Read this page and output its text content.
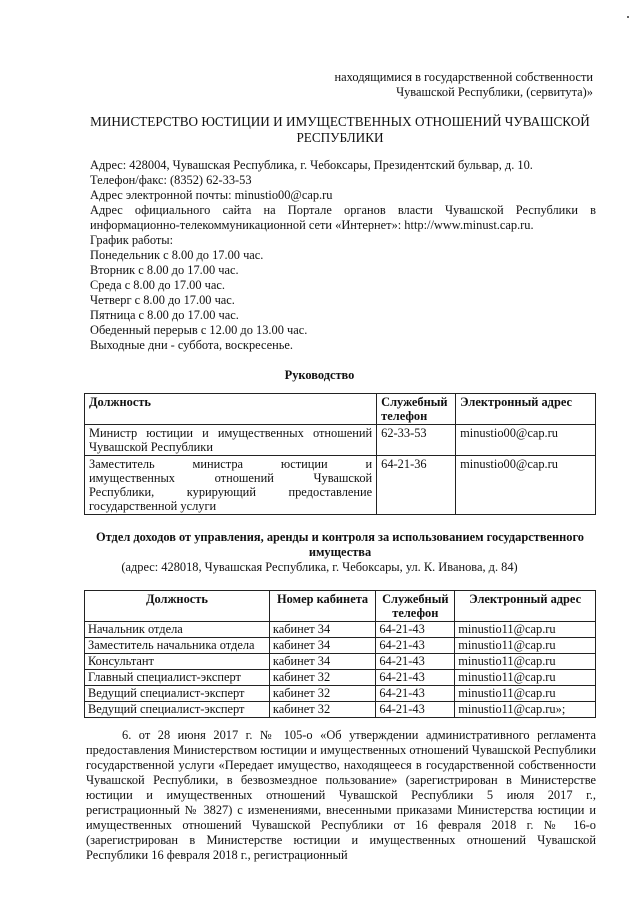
находящимися в государственной собственности
Чувашской Республики, (сервитута)»
МИНИСТЕРСТВО ЮСТИЦИИ И ИМУЩЕСТВЕННЫХ ОТНОШЕНИЙ ЧУВАШСКОЙ РЕСПУБЛИКИ
Адрес: 428004, Чувашская Республика, г. Чебоксары, Президентский бульвар, д. 10.
Телефон/факс: (8352) 62-33-53
Адрес электронной почты: minustio00@cap.ru
Адрес официального сайта на Портале органов власти Чувашской Республики в информационно-телекоммуникационной сети «Интернет»: http://www.minust.cap.ru.
График работы:
Понедельник с 8.00 до 17.00 час.
Вторник с 8.00 до 17.00 час.
Среда с 8.00 до 17.00 час.
Четверг с 8.00 до 17.00 час.
Пятница с 8.00 до 17.00 час.
Обеденный перерыв с 12.00 до 13.00 час.
Выходные дни - суббота, воскресенье.
Руководство
Должность	Служебный телефон	Электронный адрес

Министр юстиции и имущественных отношений
Чувашской Республики	62-33-53	minustio00@cap.ru

Заместитель министра юстиции и
имущественных отношений Чувашской
Республики, курирующий предоставление
государственной услуги	64-21-36	minustio00@cap.ru
Отдел доходов от управления, аренды и контроля за использованием государственного имущества
(адрес: 428018, Чувашская Республика, г. Чебоксары, ул. К. Иванова, д. 84)
Должность	Номер кабинета	Служебный телефон	Электронный адрес
Начальник отдела	кабинет 34	64-21-43	minustio11@cap.ru
Заместитель начальника отдела	кабинет 34	64-21-43	minustio11@cap.ru
Консультант	кабинет 34	64-21-43	minustio11@cap.ru
Главный специалист-эксперт	кабинет 32	64-21-43	minustio11@cap.ru
Ведущий специалист-эксперт	кабинет 32	64-21-43	minustio11@cap.ru
Ведущий специалист-эксперт	кабинет 32	64-21-43	minustio11@cap.ru»;
6. от 28 июня 2017 г. № 105-о «Об утверждении административного регламента предоставления Министерством юстиции и имущественных отношений Чувашской Республики государственной услуги «Передает имущество, находящееся в государственной собственности Чувашской Республики, в безвозмездное пользование» (зарегистрирован в Министерстве юстиции и имущественных отношений Чувашской Республики 5 июля 2017 г., регистрационный № 3827) с изменениями, внесенными приказами Министерства юстиции и имущественных отношений Чувашской Республики от 16 февраля 2018 г. № 16-о (зарегистрирован в Министерстве юстиции и имущественных отношений Чувашской Республики 16 февраля 2018 г., регистрационный
